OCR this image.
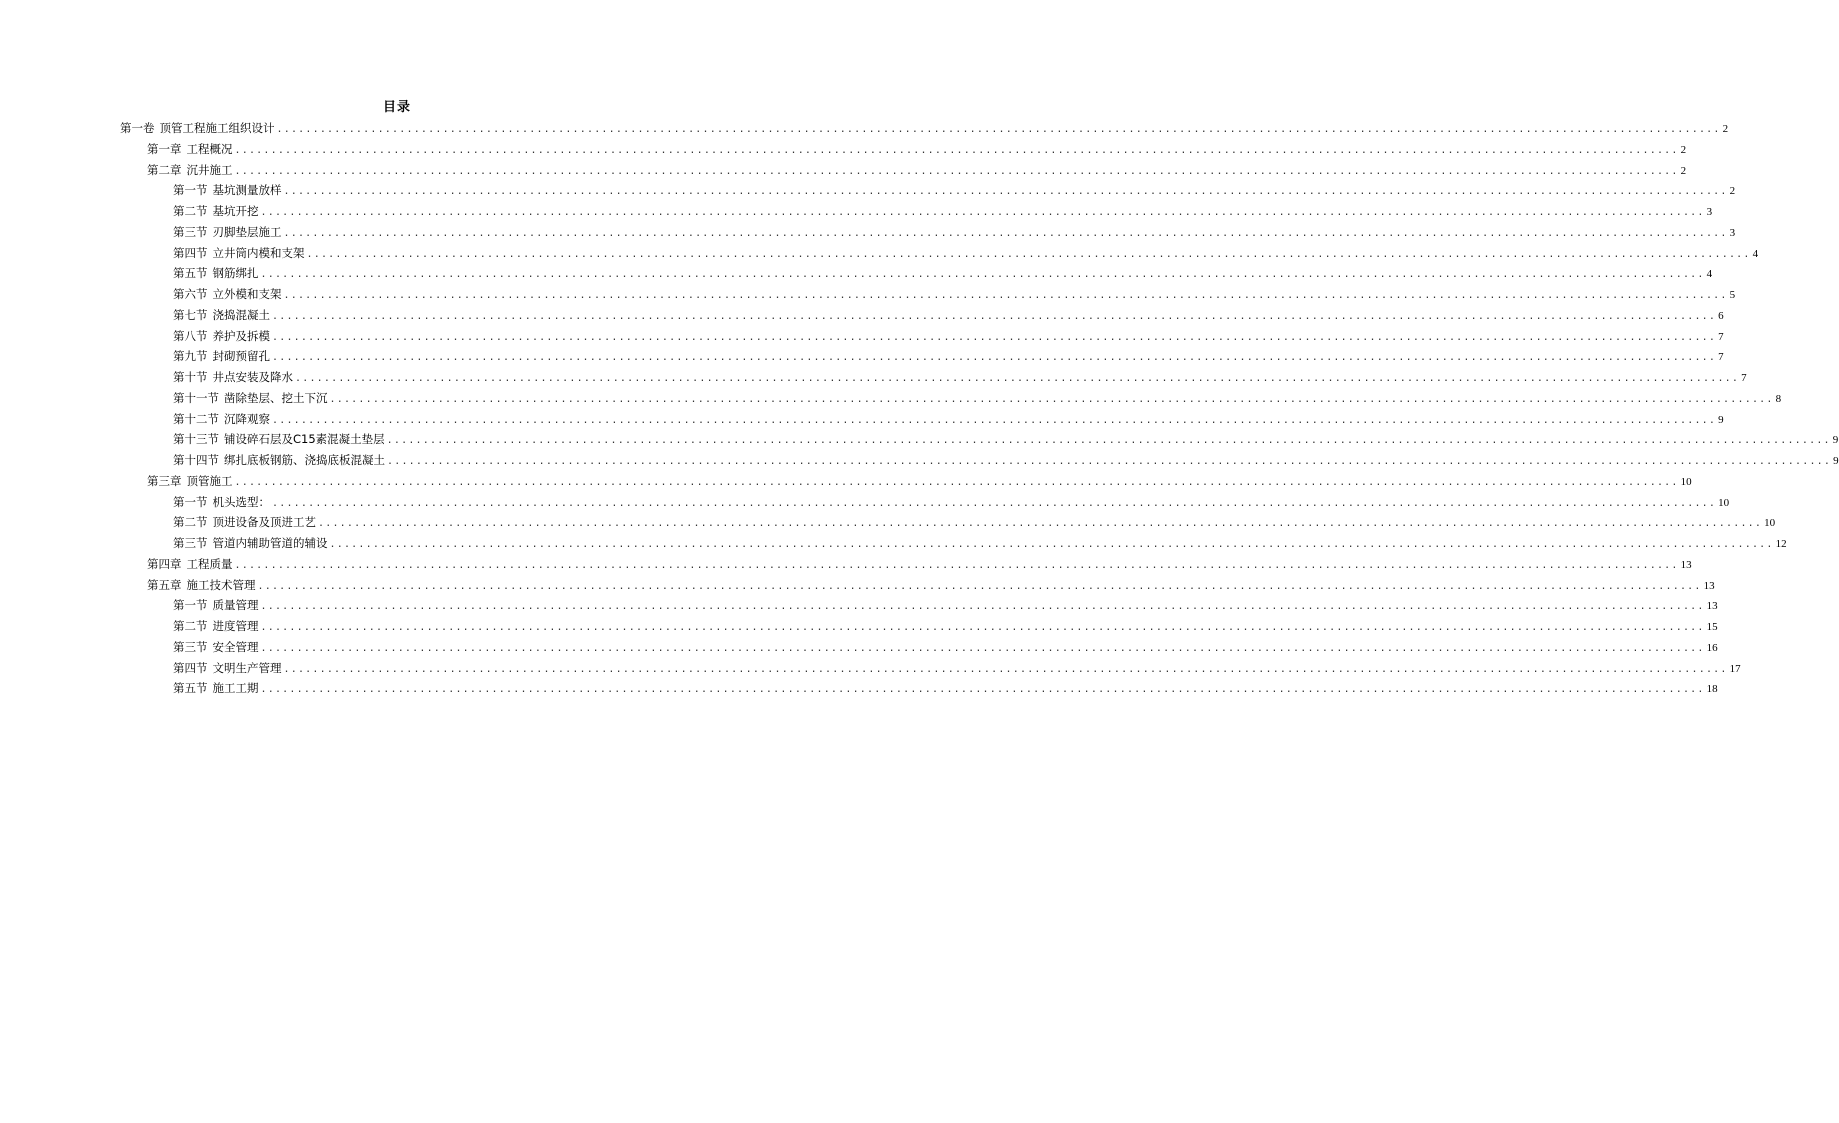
目录
第一卷 顶管工程施工组织设计 ........................................................................................................................................................................................................ 2
第一章 工程概况 ........................................................................................................................................................................................................ 2
第二章 沉井施工 ........................................................................................................................................................................................................ 2
第一节 基坑测量放样 ........................................................................................................................................................................................................ 2
第二节 基坑开挖 ........................................................................................................................................................................................................ 3
第三节 刃脚垫层施工 ........................................................................................................................................................................................................ 3
第四节 立井筒内模和支架 ........................................................................................................................................................................................................ 4
第五节 钢筋绑扎 ........................................................................................................................................................................................................ 4
第六节 立外模和支架 ........................................................................................................................................................................................................ 5
第七节 浇捣混凝土 ........................................................................................................................................................................................................ 6
第八节 养护及拆模 ........................................................................................................................................................................................................ 7
第九节 封砌预留孔 ........................................................................................................................................................................................................ 7
第十节 井点安装及降水 ........................................................................................................................................................................................................ 7
第十一节 凿除垫层、挖土下沉 ........................................................................................................................................................................................................ 8
第十二节 沉降观察 ........................................................................................................................................................................................................ 9
第十三节 铺设碎石层及C15素混凝土垫层 ........................................................................................................................................................................................................ 9
第十四节 绑扎底板钢筋、浇捣底板混凝土 ........................................................................................................................................................................................................ 9
第三章 顶管施工 ........................................................................................................................................................................................................ 10
第一节 机头选型： ........................................................................................................................................................................................................ 10
第二节 顶进设备及顶进工艺 ........................................................................................................................................................................................................ 10
第三节 管道内辅助管道的辅设 ........................................................................................................................................................................................................ 12
第四章 工程质量 ........................................................................................................................................................................................................ 13
第五章 施工技术管理 ........................................................................................................................................................................................................ 13
第一节 质量管理 ........................................................................................................................................................................................................ 13
第二节 进度管理 ........................................................................................................................................................................................................ 15
第三节 安全管理 ........................................................................................................................................................................................................ 16
第四节 文明生产管理 ........................................................................................................................................................................................................ 17
第五节 施工工期 ........................................................................................................................................................................................................ 18
